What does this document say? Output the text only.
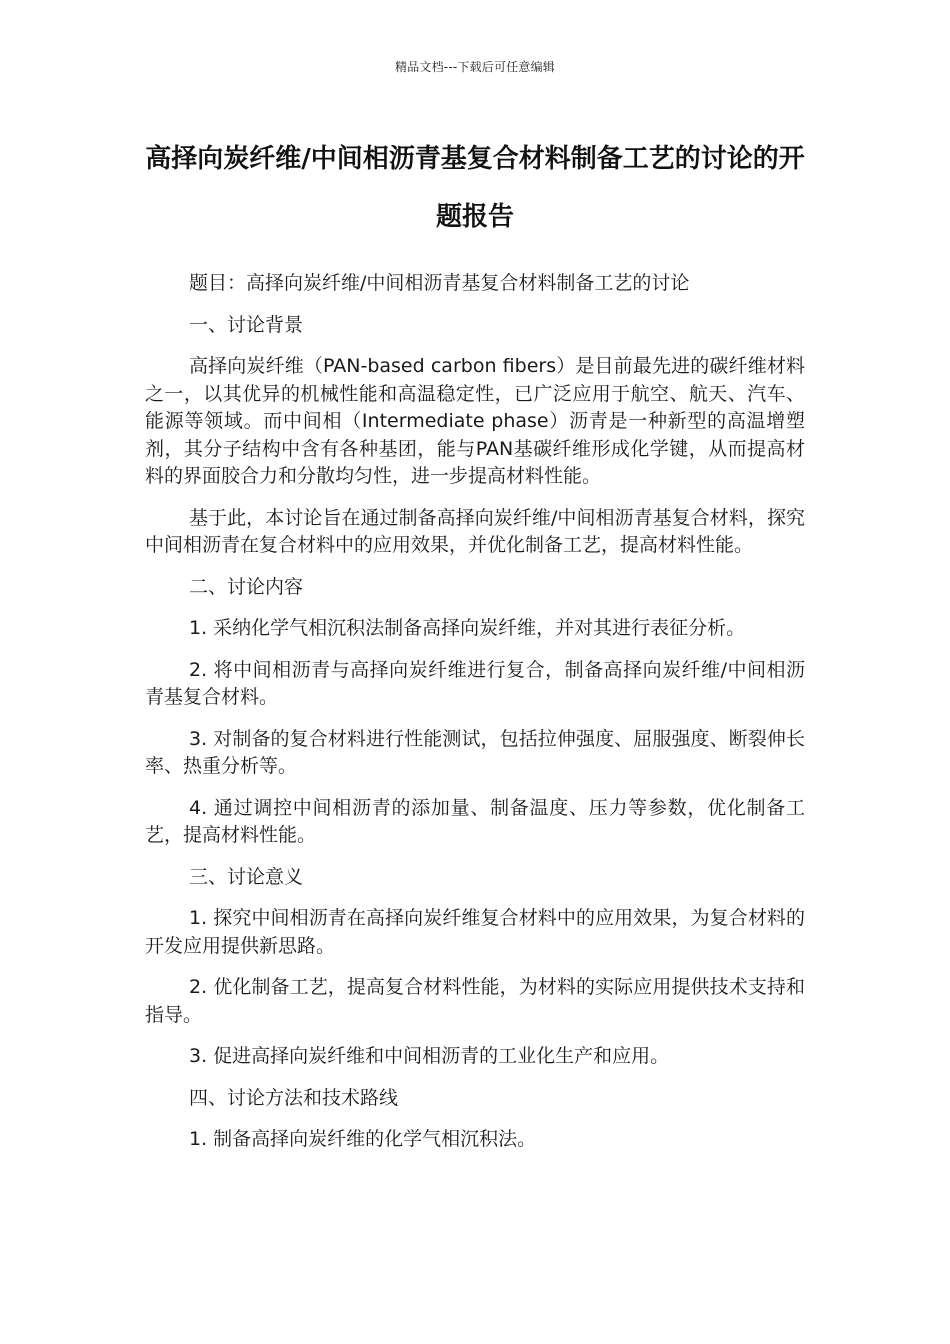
精品文档---下载后可任意编辑
高择向炭纤维/中间相沥青基复合材料制备工艺的讨论的开题报告

题目：高择向炭纤维/中间相沥青基复合材料制备工艺的讨论

一、讨论背景

高择向炭纤维（PAN-based carbon fibers）是目前最先进的碳纤维材料之一，以其优异的机械性能和高温稳定性，已广泛应用于航空、航天、汽车、能源等领域。而中间相（Intermediate phase）沥青是一种新型的高温增塑剂，其分子结构中含有各种基团，能与PAN基碳纤维形成化学键，从而提高材料的界面胶合力和分散均匀性，进一步提高材料性能。

基于此，本讨论旨在通过制备高择向炭纤维/中间相沥青基复合材料，探究中间相沥青在复合材料中的应用效果，并优化制备工艺，提高材料性能。

二、讨论内容

1. 采纳化学气相沉积法制备高择向炭纤维，并对其进行表征分析。

2. 将中间相沥青与高择向炭纤维进行复合，制备高择向炭纤维/中间相沥青基复合材料。

3. 对制备的复合材料进行性能测试，包括拉伸强度、屈服强度、断裂伸长率、热重分析等。

4. 通过调控中间相沥青的添加量、制备温度、压力等参数，优化制备工艺，提高材料性能。

三、讨论意义

1. 探究中间相沥青在高择向炭纤维复合材料中的应用效果，为复合材料的开发应用提供新思路。

2. 优化制备工艺，提高复合材料性能，为材料的实际应用提供技术支持和指导。

3. 促进高择向炭纤维和中间相沥青的工业化生产和应用。

四、讨论方法和技术路线

1. 制备高择向炭纤维的化学气相沉积法。
